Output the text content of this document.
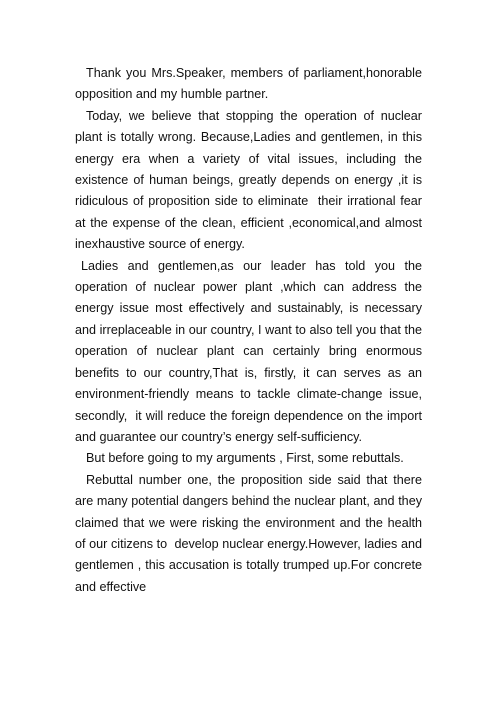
Thank you Mrs.Speaker, members of parliament,honorable opposition and my humble partner.

Today, we believe that stopping the operation of nuclear plant is totally wrong. Because,Ladies and gentlemen, in this energy era when a variety of vital issues, including the existence of human beings, greatly depends on energy ,it is ridiculous of proposition side to eliminate  their irrational fear at the expense of the clean, efficient ,economical,and almost inexhaustive source of energy.

Ladies and gentlemen,as our leader has told you the operation of nuclear power plant ,which can address the energy issue most effectively and sustainably, is necessary and irreplaceable in our country, I want to also tell you that the operation of nuclear plant can certainly bring enormous benefits to our country,That is, firstly, it can serves as an environment-friendly means to tackle climate-change issue, secondly,  it will reduce the foreign dependence on the import and guarantee our country’s energy self-sufficiency.

But before going to my arguments , First, some rebuttals.

Rebuttal number one, the proposition side said that there are many potential dangers behind the nuclear plant, and they claimed that we were risking the environment and the health of our citizens to  develop nuclear energy.However, ladies and gentlemen , this accusation is totally trumped up.For concrete and effective
